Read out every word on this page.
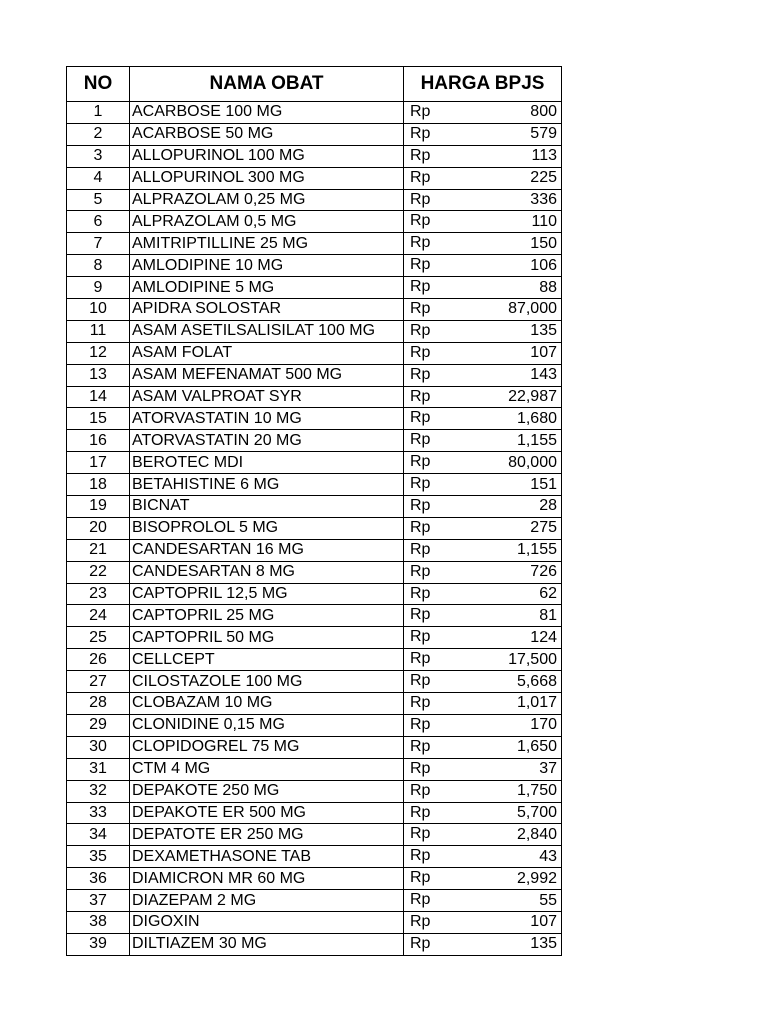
NO	NAMA OBAT	HARGA BPJS
1	ACARBOSE 100 MG	Rp 800

2	ACARBOSE 50 MG	Rp 579

3	ALLOPURINOL 100 MG	Rp 113

4	ALLOPURINOL 300 MG	Rp 225

5	ALPRAZOLAM 0,25 MG	Rp 336

6	ALPRAZOLAM 0,5 MG	Rp 110

7	AMITRIPTILLINE 25 MG	Rp 150

8	AMLODIPINE 10 MG	Rp 106

9	AMLODIPINE 5 MG	Rp 88

10	APIDRA SOLOSTAR	Rp 87,000

11	ASAM ASETILSALISILAT 100 MG	Rp 135

12	ASAM FOLAT	Rp 107

13	ASAM MEFENAMAT 500 MG	Rp 143

14	ASAM VALPROAT SYR	Rp 22,987

15	ATORVASTATIN 10 MG	Rp 1,680

16	ATORVASTATIN 20 MG	Rp 1,155

17	BEROTEC MDI	Rp 80,000

18	BETAHISTINE 6 MG	Rp 151

19	BICNAT	Rp 28

20	BISOPROLOL 5 MG	Rp 275

21	CANDESARTAN 16 MG	Rp 1,155

22	CANDESARTAN 8 MG	Rp 726

23	CAPTOPRIL 12,5 MG	Rp 62

24	CAPTOPRIL 25 MG	Rp 81

25	CAPTOPRIL 50 MG	Rp 124

26	CELLCEPT	Rp 17,500

27	CILOSTAZOLE 100 MG	Rp 5,668

28	CLOBAZAM 10 MG	Rp 1,017

29	CLONIDINE 0,15 MG	Rp 170

30	CLOPIDOGREL 75 MG	Rp 1,650

31	CTM 4 MG	Rp 37

32	DEPAKOTE 250 MG	Rp 1,750

33	DEPAKOTE ER 500 MG	Rp 5,700

34	DEPATOTE ER 250 MG	Rp 2,840

35	DEXAMETHASONE TAB	Rp 43

36	DIAMICRON MR 60 MG	Rp 2,992

37	DIAZEPAM 2 MG	Rp 55

38	DIGOXIN	Rp 107

39	DILTIAZEM 30 MG	Rp 135
